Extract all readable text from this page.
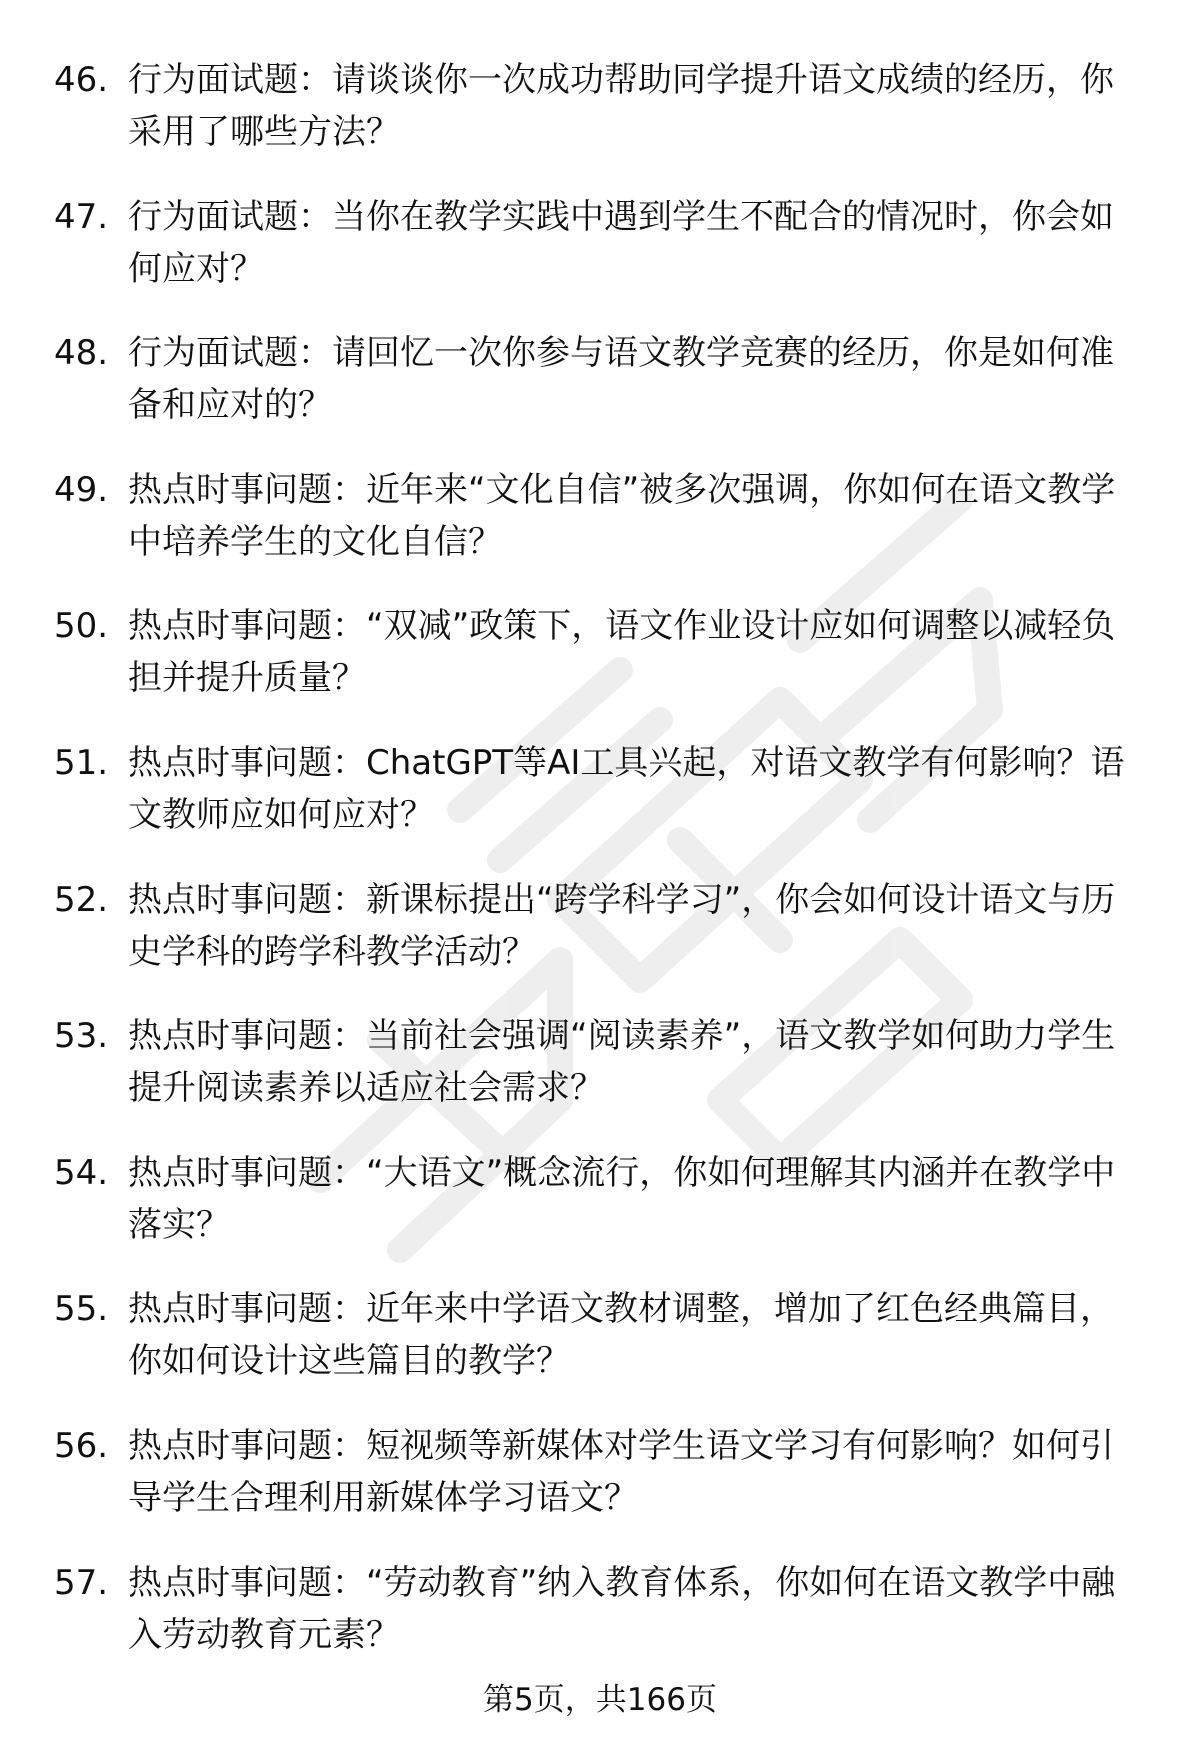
46. 行为面试题：请谈谈你一次成功帮助同学提升语文成绩的经历，你采用了哪些方法？
47. 行为面试题：当你在教学实践中遇到学生不配合的情况时，你会如何应对？
48. 行为面试题：请回忆一次你参与语文教学竞赛的经历，你是如何准备和应对的？
49. 热点时事问题：近年来“文化自信”被多次强调，你如何在语文教学中培养学生的文化自信？
50. 热点时事问题：“双减”政策下，语文作业设计应如何调整以减轻负担并提升质量？
51. 热点时事问题：ChatGPT等AI工具兴起，对语文教学有何影响？语文教师应如何应对？
52. 热点时事问题：新课标提出“跨学科学习”，你会如何设计语文与历史学科的跨学科教学活动？
53. 热点时事问题：当前社会强调“阅读素养”，语文教学如何助力学生提升阅读素养以适应社会需求？
54. 热点时事问题：“大语文”概念流行，你如何理解其内涵并在教学中落实？
55. 热点时事问题：近年来中学语文教材调整，增加了红色经典篇目，你如何设计这些篇目的教学？
56. 热点时事问题：短视频等新媒体对学生语文学习有何影响？如何引导学生合理利用新媒体学习语文？
57. 热点时事问题：“劳动教育”纳入教育体系，你如何在语文教学中融入劳动教育元素？
第5页，共166页
